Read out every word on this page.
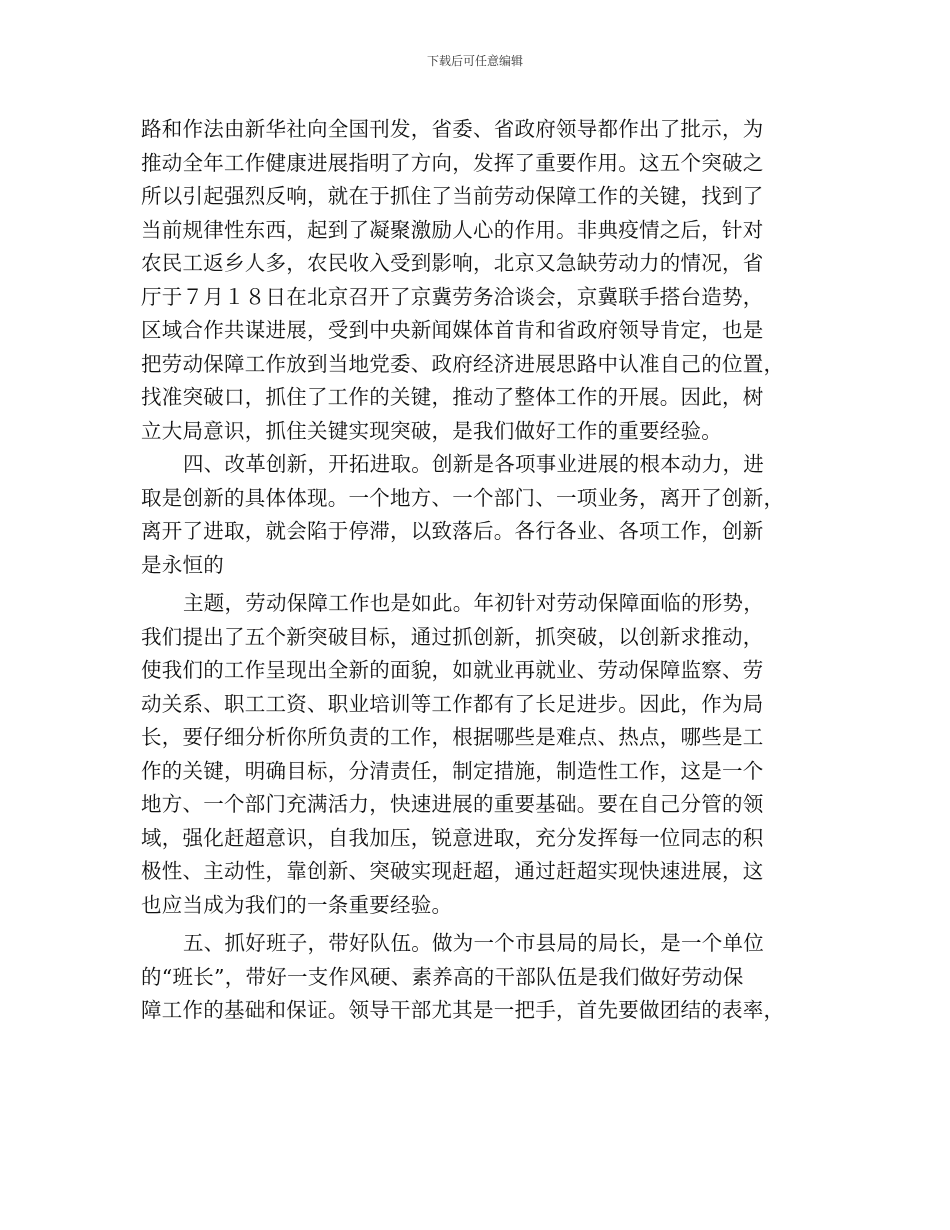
下载后可任意编辑
路和作法由新华社向全国刊发，省委、省政府领导都作出了批示，为
推动全年工作健康进展指明了方向，发挥了重要作用。这五个突破之
所以引起强烈反响，就在于抓住了当前劳动保障工作的关键，找到了
当前规律性东西，起到了凝聚激励人心的作用。非典疫情之后，针对
农民工返乡人多，农民收入受到影响，北京又急缺劳动力的情况，省
厅于７月１８日在北京召开了京冀劳务洽谈会，京冀联手搭台造势，
区域合作共谋进展，受到中央新闻媒体首肯和省政府领导肯定，也是
把劳动保障工作放到当地党委、政府经济进展思路中认准自己的位置，
找准突破口，抓住了工作的关键，推动了整体工作的开展。因此，树
立大局意识，抓住关键实现突破，是我们做好工作的重要经验。
四、改革创新，开拓进取。创新是各项事业进展的根本动力，进
取是创新的具体体现。一个地方、一个部门、一项业务，离开了创新，
离开了进取，就会陷于停滞，以致落后。各行各业、各项工作，创新
是永恒的
主题，劳动保障工作也是如此。年初针对劳动保障面临的形势，
我们提出了五个新突破目标，通过抓创新，抓突破，以创新求推动，
使我们的工作呈现出全新的面貌，如就业再就业、劳动保障监察、劳
动关系、职工工资、职业培训等工作都有了长足进步。因此，作为局
长，要仔细分析你所负责的工作，根据哪些是难点、热点，哪些是工
作的关键，明确目标，分清责任，制定措施，制造性工作，这是一个
地方、一个部门充满活力，快速进展的重要基础。要在自己分管的领
域，强化赶超意识，自我加压，锐意进取，充分发挥每一位同志的积
极性、主动性，靠创新、突破实现赶超，通过赶超实现快速进展，这
也应当成为我们的一条重要经验。
五、抓好班子，带好队伍。做为一个市县局的局长，是一个单位
的“班长”，带好一支作风硬、素养高的干部队伍是我们做好劳动保
障工作的基础和保证。领导干部尤其是一把手，首先要做团结的表率，
